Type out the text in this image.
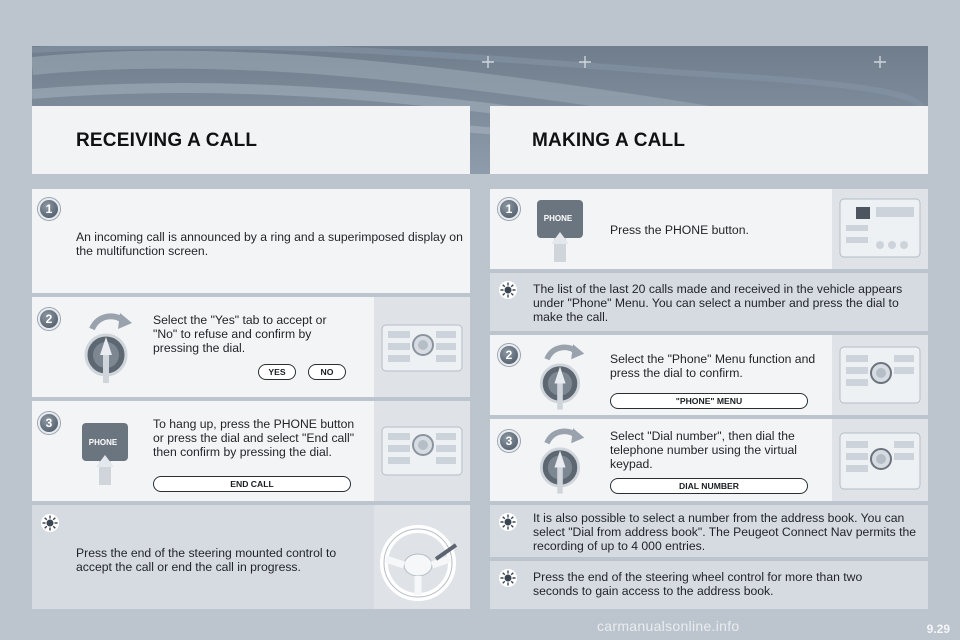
RECEIVING A CALL	MAKING A CALL
1
An incoming call is announced by a ring and a superimposed display on the multifunction screen.
2	Select the "Yes" tab to accept or "No" to refuse and confirm by pressing the dial.
YES	NO
3
PHONE
To hang up, press the PHONE button or press the dial and select "End call" then confirm by pressing the dial.
END CALL
Press the end of the steering mounted control to accept the call or end the call in progress.
1
PHONE
Press the PHONE button.
The list of the last 20 calls made and received in the vehicle appears under "Phone" Menu. You can select a number and press the dial to make the call.
2	Select the "Phone" Menu function and press the dial to confirm.
"PHONE" MENU
3	Select "Dial number", then dial the telephone number using the virtual keypad.
DIAL NUMBER
It is also possible to select a number from the address book. You can select "Dial from address book". The Peugeot Connect Nav permits the recording of up to 4 000 entries.
Press the end of the steering wheel control for more than two seconds to gain access to the address book.
carmanualsonline.info	9.29
